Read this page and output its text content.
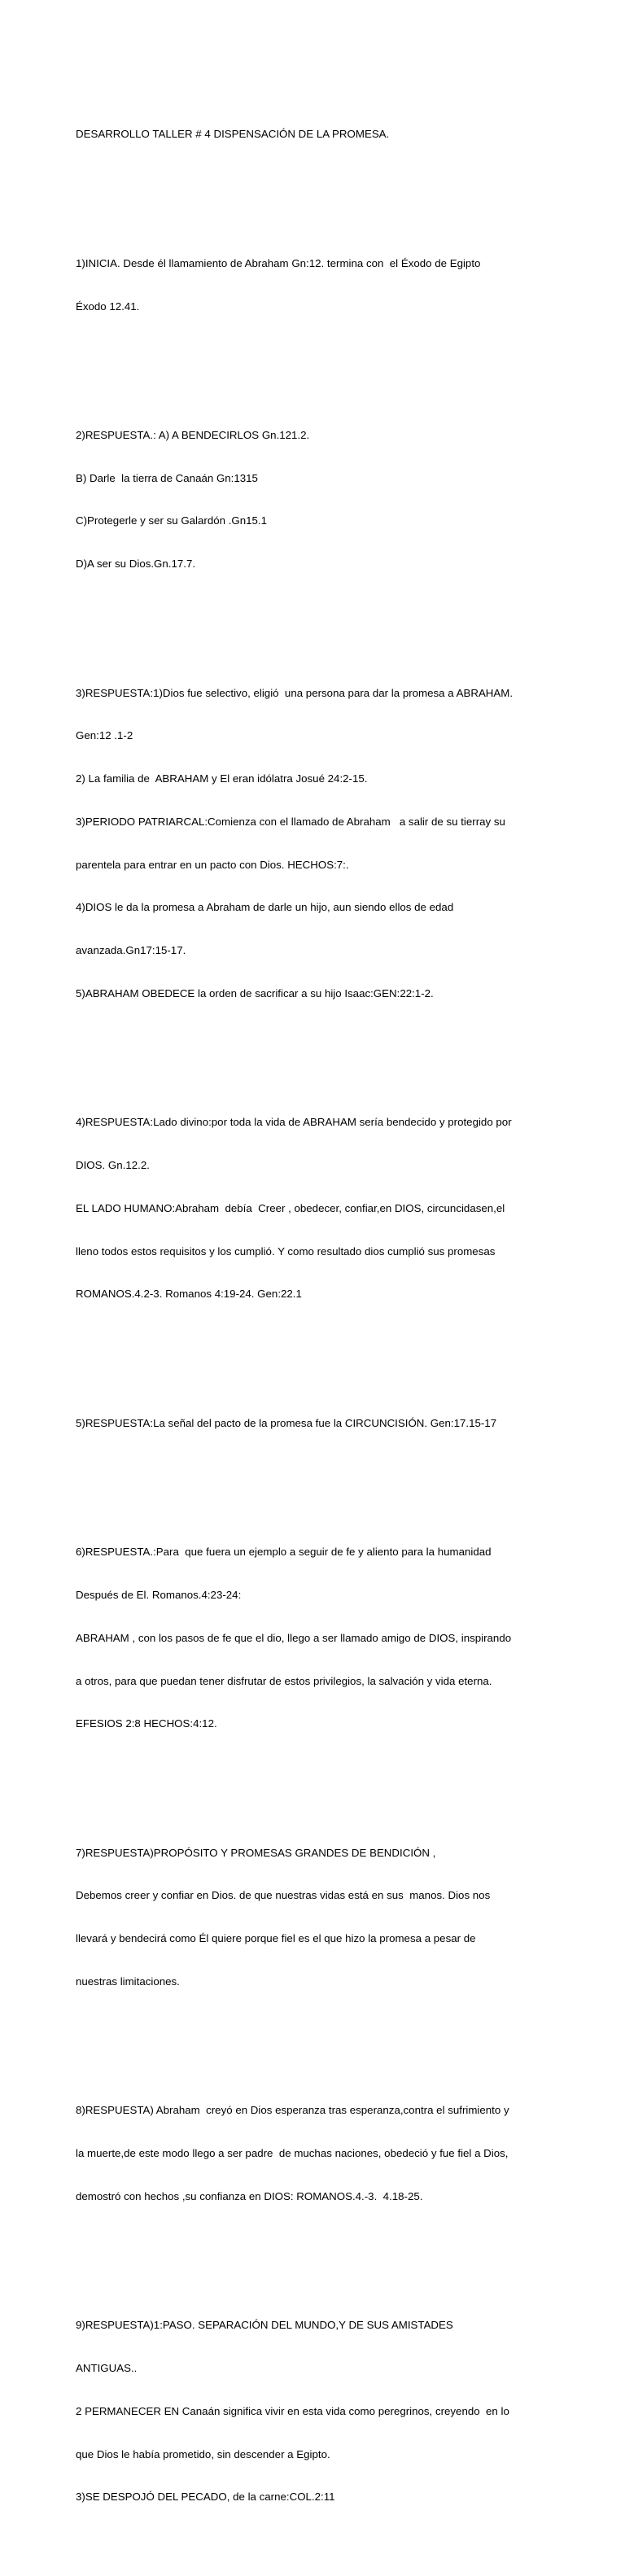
DESARROLLO TALLER # 4 DISPENSACIÓN DE LA PROMESA.

1)INICIA. Desde él llamamiento de Abraham Gn:12. termina con  el Éxodo de Egipto

Éxodo 12.41.

2)RESPUESTA.: A) A BENDECIRLOS Gn.121.2.

B) Darle  la tierra de Canaán Gn:1315

C)Protegerle y ser su Galardón .Gn15.1

D)A ser su Dios.Gn.17.7.

3)RESPUESTA:1)Dios fue selectivo, eligió  una persona para dar la promesa a ABRAHAM.

Gen:12 .1-2

2) La familia de  ABRAHAM y El eran idólatra Josué 24:2-15.

3)PERIODO PATRIARCAL:Comienza con el llamado de Abraham   a salir de su tierray su

parentela para entrar en un pacto con Dios. HECHOS:7:.

4)DIOS le da la promesa a Abraham de darle un hijo, aun siendo ellos de edad

avanzada.Gn17:15-17.

5)ABRAHAM OBEDECE la orden de sacrificar a su hijo Isaac:GEN:22:1-2.

4)RESPUESTA:Lado divino:por toda la vida de ABRAHAM sería bendecido y protegido por

DIOS. Gn.12.2.

EL LADO HUMANO:Abraham  debía  Creer , obedecer, confiar,en DIOS, circuncidasen,el

lleno todos estos requisitos y los cumplió. Y como resultado dios cumplió sus promesas

ROMANOS.4.2-3. Romanos 4:19-24. Gen:22.1

5)RESPUESTA:La señal del pacto de la promesa fue la CIRCUNCISIÓN. Gen:17.15-17

6)RESPUESTA.:Para  que fuera un ejemplo a seguir de fe y aliento para la humanidad

Después de El. Romanos.4:23-24:

ABRAHAM , con los pasos de fe que el dio, llego a ser llamado amigo de DIOS, inspirando

a otros, para que puedan tener disfrutar de estos privilegios, la salvación y vida eterna.

EFESIOS 2:8 HECHOS:4:12.

7)RESPUESTA)PROPÓSITO Y PROMESAS GRANDES DE BENDICIÓN ,

Debemos creer y confiar en Dios. de que nuestras vidas está en sus  manos. Dios nos

llevará y bendecirá como Él quiere porque fiel es el que hizo la promesa a pesar de

nuestras limitaciones.

8)RESPUESTA) Abraham  creyó en Dios esperanza tras esperanza,contra el sufrimiento y

la muerte,de este modo llego a ser padre  de muchas naciones, obedeció y fue fiel a Dios,

demostró con hechos ,su confianza en DIOS: ROMANOS.4.-3.  4.18-25.

9)RESPUESTA)1:PASO. SEPARACIÓN DEL MUNDO,Y DE SUS AMISTADES

ANTIGUAS..

2 PERMANECER EN Canaán significa vivir en esta vida como peregrinos, creyendo  en lo

que Dios le había prometido, sin descender a Egipto.

3)SE DESPOJÓ DEL PECADO, de la carne:COL.2:11
